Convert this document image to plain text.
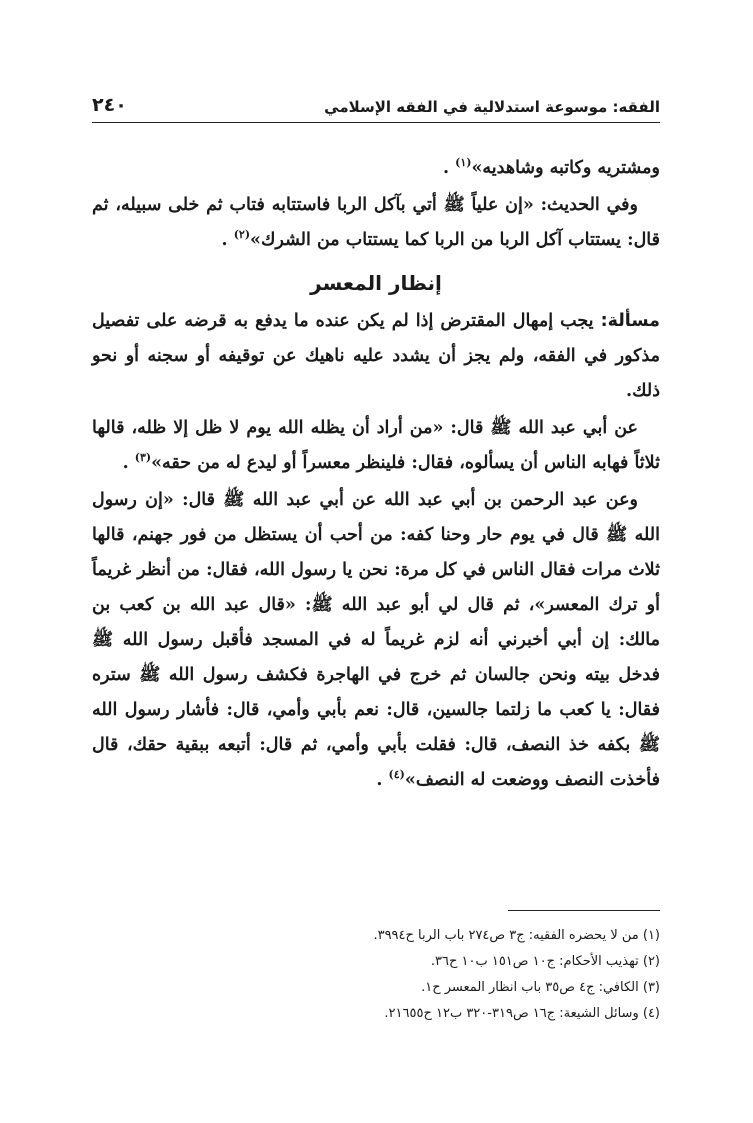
الفقه: موسوعة استدلالية في الفقه الإسلامي
٢٤٠

ومشتريه وكاتبه وشاهديه»$^{(١)}$ .

وفي الحديث: «إن علياً ﷺ أتي بآكل الربا فاستتابه فتاب ثم خلى سبيله، ثم قال: يستتاب آكل الربا من الربا كما يستتاب من الشرك»$^{(٢)}$ .

إنظار المعسر

مسألة: يجب إمهال المقترض إذا لم يكن عنده ما يدفع به قرضه على تفصيل مذكور في الفقه، ولم يجز أن يشدد عليه ناهيك عن توقيفه أو سجنه أو نحو ذلك.

عن أبي عبد الله ﷺ قال: «من أراد أن يظله الله يوم لا ظل إلا ظله، قالها ثلاثاً فهابه الناس أن يسألوه، فقال: فلينظر معسراً أو ليدع له من حقه»$^{(٣)}$ .

وعن عبد الرحمن بن أبي عبد الله عن أبي عبد الله ﷺ قال: «إن رسول الله ﷺ قال في يوم حار وحنا كفه: من أحب أن يستظل من فور جهنم، قالها ثلاث مرات فقال الناس في كل مرة: نحن يا رسول الله، فقال: من أنظر غريماً أو ترك المعسر»، ثم قال لي أبو عبد الله ﷺ: «قال عبد الله بن كعب بن مالك: إن أبي أخبرني أنه لزم غريماً له في المسجد فأقبل رسول الله ﷺ فدخل بيته ونحن جالسان ثم خرج في الهاجرة فكشف رسول الله ﷺ ستره فقال: يا كعب ما زلتما جالسين، قال: نعم بأبي وأمي، قال: فأشار رسول الله ﷺ بكفه خذ النصف، قال: فقلت بأبي وأمي، ثم قال: أتبعه ببقية حقك، قال فأخذت النصف ووضعت له النصف»$^{(٤)}$ .

(١) من لا يحضره الفقيه: ج٣ ص٢٧٤ باب الربا ح٣٩٩٤.

(٢) تهذيب الأحكام: ج١٠ ص١٥١ ب١٠ ح٣٦.

(٣) الكافي: ج٤ ص٣٥ باب انظار المعسر ح١.

(٤) وسائل الشيعة: ج١٦ ص٣١٩-٣٢٠ ب١٢ ح٢١٦٥٥.
